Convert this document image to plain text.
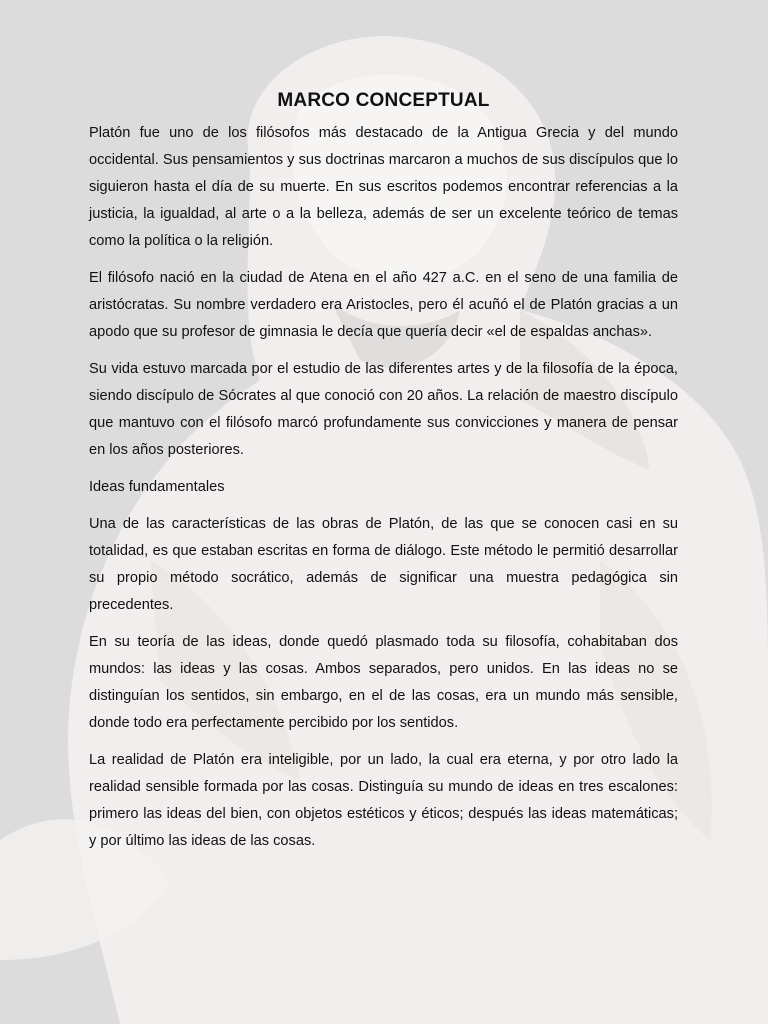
MARCO CONCEPTUAL

Platón fue uno de los filósofos más destacado de la Antigua Grecia y del mundo occidental. Sus pensamientos y sus doctrinas marcaron a muchos de sus discípulos que lo siguieron hasta el día de su muerte. En sus escritos podemos encontrar referencias a la justicia, la igualdad, al arte o a la belleza, además de ser un excelente teórico de temas como la política o la religión.

El filósofo nació en la ciudad de Atena en el año 427 a.C. en el seno de una familia de aristócratas. Su nombre verdadero era Aristocles, pero él acuñó el de Platón gracias a un apodo que su profesor de gimnasia le decía que quería decir «el de espaldas anchas».

Su vida estuvo marcada por el estudio de las diferentes artes y de la filosofía de la época, siendo discípulo de Sócrates al que conoció con 20 años. La relación de maestro discípulo que mantuvo con el filósofo marcó profundamente sus convicciones y manera de pensar en los años posteriores.

Ideas fundamentales

Una de las características de las obras de Platón, de las que se conocen casi en su totalidad, es que estaban escritas en forma de diálogo. Este método le permitió desarrollar su propio método socrático, además de significar una muestra pedagógica sin precedentes.

En su teoría de las ideas, donde quedó plasmado toda su filosofía, cohabitaban dos mundos: las ideas y las cosas. Ambos separados, pero unidos. En las ideas no se distinguían los sentidos, sin embargo, en el de las cosas, era un mundo más sensible, donde todo era perfectamente percibido por los sentidos.

La realidad de Platón era inteligible, por un lado, la cual era eterna, y por otro lado la realidad sensible formada por las cosas. Distinguía su mundo de ideas en tres escalones: primero las ideas del bien, con objetos estéticos y éticos; después las ideas matemáticas; y por último las ideas de las cosas.
